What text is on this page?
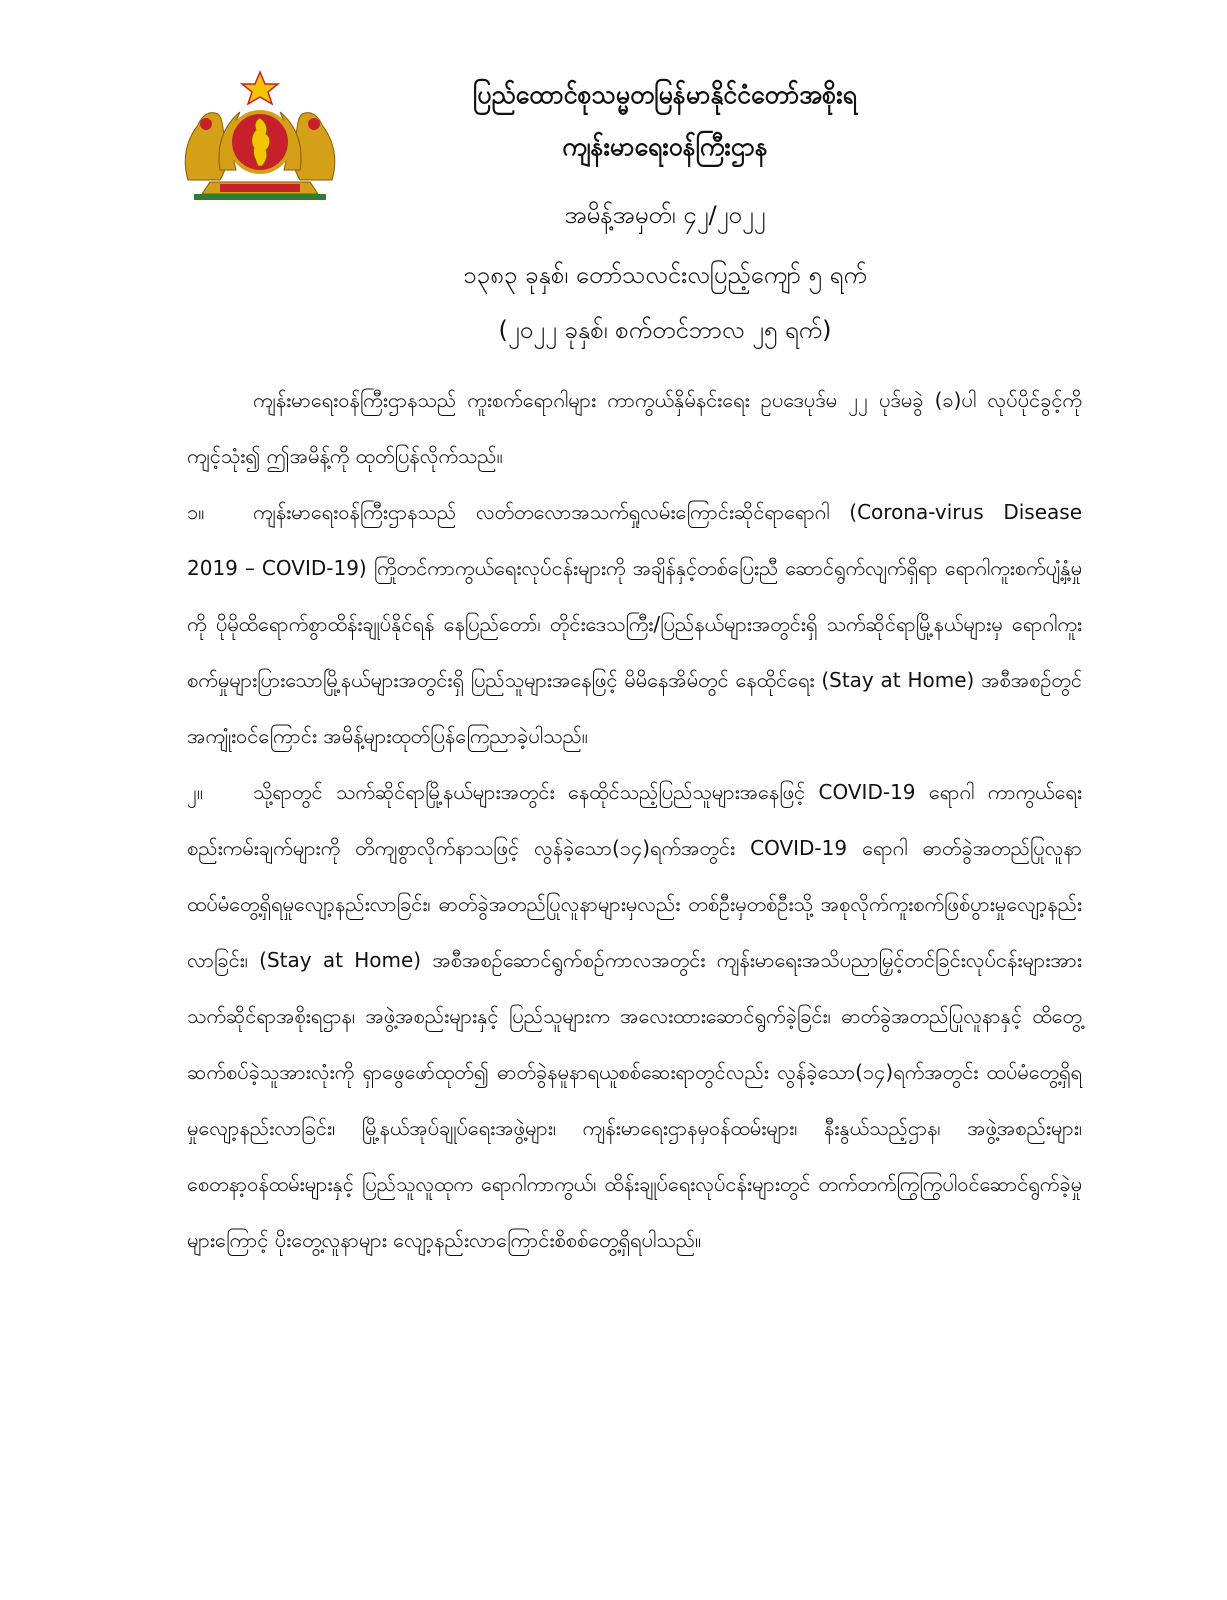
ပြည်ထောင်စုသမ္မတမြန်မာနိုင်ငံတော်အစိုးရ
ကျန်းမာရေးဝန်ကြီးဌာန
အမိန့်အမှတ်၊ ၄၂/၂၀၂၂
၁၃၈၃ ခုနှစ်၊ တော်သလင်းလပြည့်ကျော် ၅ ရက်
(၂၀၂၂ ခုနှစ်၊ စက်တင်ဘာလ ၂၅ ရက်)

ကျန်းမာရေးဝန်ကြီးဌာနသည် ကူးစက်ရောဂါများ ကာကွယ်နှိမ်နင်းရေး ဥပဒေပုဒ်မ ၂၂ ပုဒ်မခွဲ (ခ)ပါ လုပ်ပိုင်ခွင့်ကို ကျင့်သုံး၍ ဤအမိန့်ကို ထုတ်ပြန်လိုက်သည်။

၁။ ကျန်းမာရေးဝန်ကြီးဌာနသည် လတ်တလောအသက်ရှုလမ်းကြောင်းဆိုင်ရာရောဂါ (Corona-virus Disease 2019 – COVID-19) ကြိုတင်ကာကွယ်ရေးလုပ်ငန်းများကို အချိန်နှင့်တစ်ပြေးညီ ဆောင်ရွက်လျက်ရှိရာ ရောဂါကူးစက်ပျံ့နှံ့မှုကို ပိုမိုထိရောက်စွာထိန်းချုပ်နိုင်ရန် နေပြည်တော်၊ တိုင်းဒေသကြီး/ပြည်နယ်များအတွင်းရှိ သက်ဆိုင်ရာမြို့နယ်များမှ ရောဂါကူးစက်မှုများပြားသောမြို့နယ်များအတွင်းရှိ ပြည်သူများအနေဖြင့် မိမိနေအိမ်တွင် နေထိုင်ရေး (Stay at Home) အစီအစဉ်တွင် အကျုံးဝင်ကြောင်း အမိန့်များထုတ်ပြန်ကြေညာခဲ့ပါသည်။

၂။	သို့ရာတွင် သက်ဆိုင်ရာမြို့နယ်များအတွင်း နေထိုင်သည့်ပြည်သူများအနေဖြင့် COVID-19 ရောဂါ ကာကွယ်ရေးစည်းကမ်းချက်များကို တိကျစွာလိုက်နာသဖြင့် လွန်ခဲ့သော(၁၄)ရက်အတွင်း COVID-19 ရောဂါ ဓာတ်ခွဲအတည်ပြုလူနာ ထပ်မံတွေ့ရှိရမှုလျော့နည်းလာခြင်း၊ ဓာတ်ခွဲအတည်ပြုလူနာများမှလည်း တစ်ဦးမှတစ်ဦးသို့ အစုလိုက်ကူးစက်ဖြစ်ပွားမှုလျော့နည်းလာခြင်း၊ (Stay at Home) အစီအစဉ်ဆောင်ရွက်စဉ်ကာလအတွင်း ကျန်းမာရေးအသိပညာမြှင့်တင်ခြင်းလုပ်ငန်းများအား သက်ဆိုင်ရာအစိုးရဌာန၊ အဖွဲ့အစည်းများနှင့် ပြည်သူများက အလေးထားဆောင်ရွက်ခဲ့ခြင်း၊ ဓာတ်ခွဲအတည်ပြုလူနာနှင့် ထိတွေ့ဆက်စပ်ခဲ့သူအားလုံးကို ရှာဖွေဖော်ထုတ်၍ ဓာတ်ခွဲနမူနာရယူစစ်ဆေးရာတွင်လည်း လွန်ခဲ့သော(၁၄)ရက်အတွင်း ထပ်မံတွေ့ရှိရမှုလျော့နည်းလာခြင်း၊ မြို့နယ်အုပ်ချုပ်ရေးအဖွဲ့များ၊ ကျန်းမာရေးဌာနမှဝန်ထမ်းများ၊ နီးနွယ်သည့်ဌာန၊ အဖွဲ့အစည်းများ၊ စေတနာ့ဝန်ထမ်းများနှင့် ပြည်သူလူထုက ရောဂါကာကွယ်၊ ထိန်းချုပ်ရေးလုပ်ငန်းများတွင် တက်တက်ကြွကြွပါဝင်ဆောင်ရွက်ခဲ့မှုများကြောင့် ပိုးတွေ့လူနာများ လျော့နည်းလာကြောင်းစိစစ်တွေ့ရှိရပါသည်။
